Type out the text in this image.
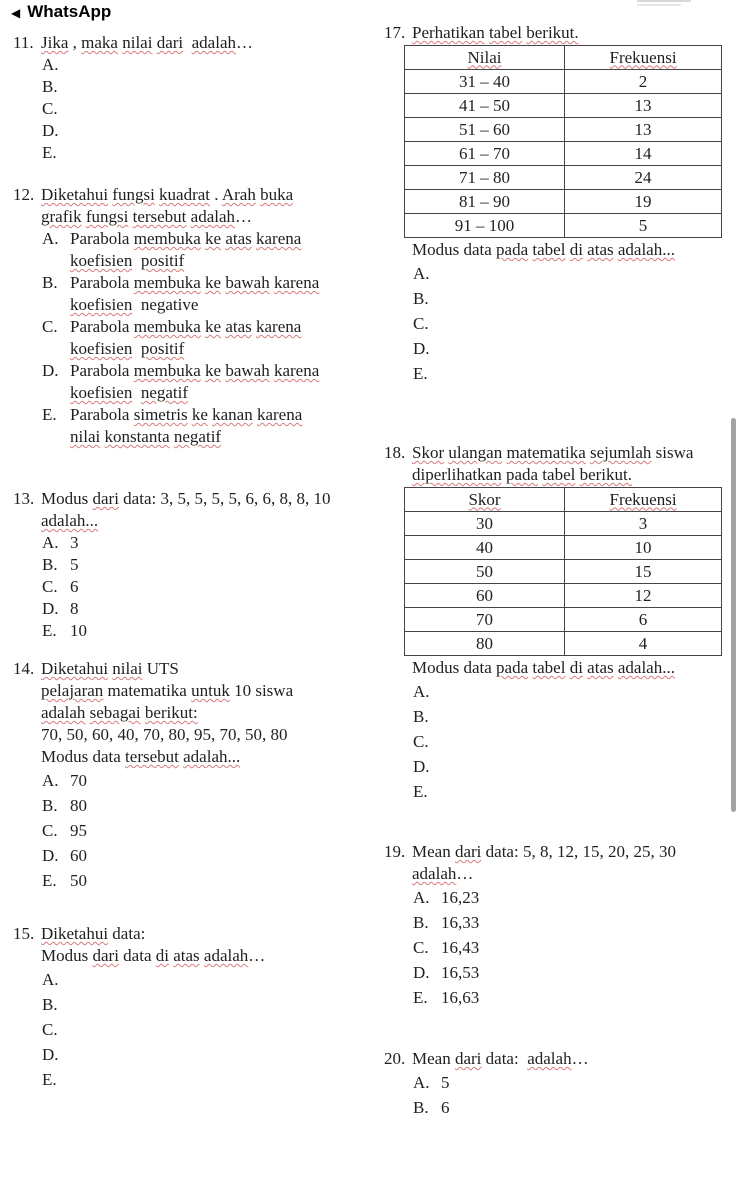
◀ WhatsApp
11. Jika , maka nilai dari adalah…
A.
B.
C.
D.
E.
12. Diketahui fungsi kuadrat . Arah buka
grafik fungsi tersebut adalah…
A. Parabola membuka ke atas karena
koefisien positif
B. Parabola membuka ke bawah karena
koefisien  negative
C. Parabola membuka ke atas karena
koefisien positif
D. Parabola membuka ke bawah karena
koefisien negatif
E. Parabola simetris ke kanan karena
nilai konstanta negatif
13. Modus dari data: 3, 5, 5, 5, 5, 6, 6, 8, 8, 10
adalah...
A. 3
B. 5
C. 6
D. 8
E. 10
14. Diketahui nilai UTS
pelajaran matematika untuk 10 siswa
adalah sebagai berikut:
70, 50, 60, 40, 70, 80, 95, 70, 50, 80
Modus data tersebut adalah...
A. 70
B. 80
C. 95
D. 60
E. 50
15. Diketahui data:
Modus dari data di atas adalah…
A.
B.
C.
D.
E.
17. Perhatikan tabel berikut.
Nilai	Frekuensi
31 – 40	2
41 – 50	13
51 – 60	13
61 – 70	14
71 – 80	24
81 – 90	19
91 – 100	5
Modus data pada tabel di atas adalah...
A.
B.
C.
D.
E.
18. Skor ulangan matematika sejumlah siswa
diperlihatkan pada tabel berikut.
Skor	Frekuensi
30	3
40	10
50	15
60	12
70	6
80	4
Modus data pada tabel di atas adalah...
A.
B.
C.
D.
E.
19. Mean dari data: 5, 8, 12, 15, 20, 25, 30
adalah…
A. 16,23
B. 16,33
C. 16,43
D. 16,53
E. 16,63
20. Mean dari data:  adalah…
A. 5
B. 6
